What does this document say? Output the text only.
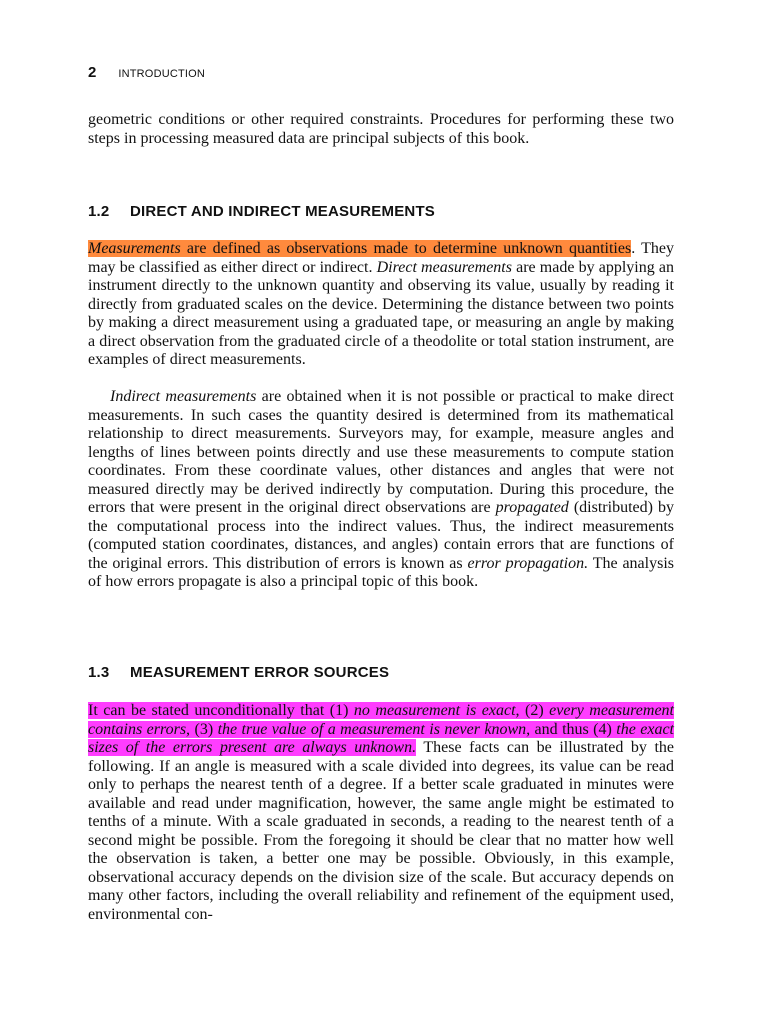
2 INTRODUCTION

geometric conditions or other required constraints. Procedures for performing these two steps in processing measured data are principal subjects of this book.

1.2 DIRECT AND INDIRECT MEASUREMENTS

Measurements are defined as observations made to determine unknown quantities. They may be classified as either direct or indirect. Direct measurements are made by applying an instrument directly to the unknown quantity and observing its value, usually by reading it directly from graduated scales on the device. Determining the distance between two points by making a direct measurement using a graduated tape, or measuring an angle by making a direct observation from the graduated circle of a theodolite or total station instrument, are examples of direct measurements.

Indirect measurements are obtained when it is not possible or practical to make direct measurements. In such cases the quantity desired is determined from its mathematical relationship to direct measurements. Surveyors may, for example, measure angles and lengths of lines between points directly and use these measurements to compute station coordinates. From these coordinate values, other distances and angles that were not measured directly may be derived indirectly by computation. During this procedure, the errors that were present in the original direct observations are propagated (distributed) by the computational process into the indirect values. Thus, the indirect measurements (computed station coordinates, distances, and angles) contain errors that are functions of the original errors. This distribution of errors is known as error propagation. The analysis of how errors propagate is also a principal topic of this book.

1.3 MEASUREMENT ERROR SOURCES

It can be stated unconditionally that (1) no measurement is exact, (2) every measurement contains errors, (3) the true value of a measurement is never known, and thus (4) the exact sizes of the errors present are always unknown. These facts can be illustrated by the following. If an angle is measured with a scale divided into degrees, its value can be read only to perhaps the nearest tenth of a degree. If a better scale graduated in minutes were available and read under magnification, however, the same angle might be estimated to tenths of a minute. With a scale graduated in seconds, a reading to the nearest tenth of a second might be possible. From the foregoing it should be clear that no matter how well the observation is taken, a better one may be possible. Obviously, in this example, observational accuracy depends on the division size of the scale. But accuracy depends on many other factors, including the overall reliability and refinement of the equipment used, environmental con-
